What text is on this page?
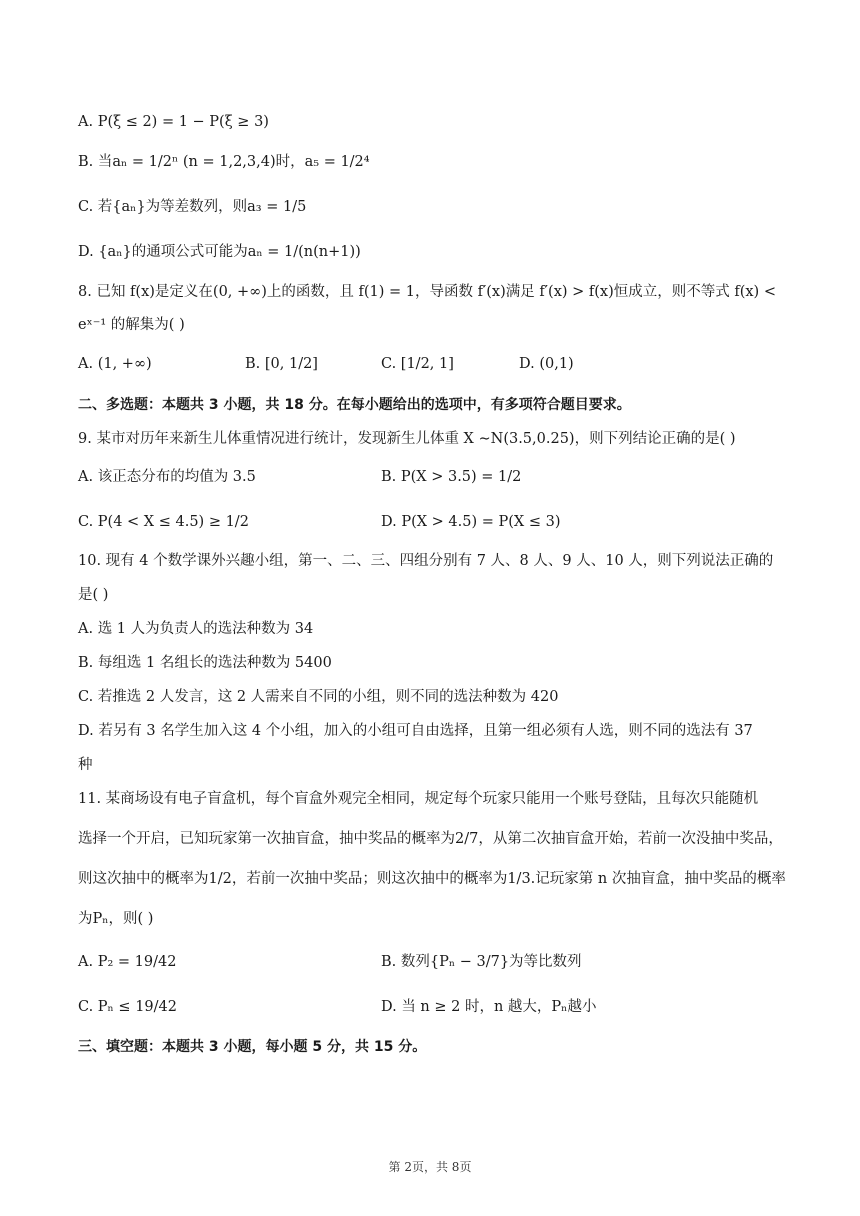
A. P(ξ ≤ 2) = 1 − P(ξ ≥ 3)
B. 当aₙ = 1/2ⁿ (n = 1,2,3,4)时，a₅ = 1/2⁴
C. 若{aₙ}为等差数列，则a₃ = 1/5
D. {aₙ}的通项公式可能为aₙ = 1/(n(n+1))
8. 已知 f(x)是定义在(0, +∞)上的函数，且 f(1) = 1，导函数 f′(x)满足 f′(x) > f(x)恒成立，则不等式 f(x) <
eˣ⁻¹ 的解集为( )
A. (1, +∞)	B. [0, 1/2]	C. [1/2, 1]	D. (0,1)
二、多选题：本题共 3 小题，共 18 分。在每小题给出的选项中，有多项符合题目要求。
9. 某市对历年来新生儿体重情况进行统计，发现新生儿体重 X ∼N(3.5,0.25)，则下列结论正确的是( )
A. 该正态分布的均值为 3.5	B. P(X > 3.5) = 1/2
C. P(4 < X ≤ 4.5) ≥ 1/2	D. P(X > 4.5) = P(X ≤ 3)
10. 现有 4 个数学课外兴趣小组，第一、二、三、四组分别有 7 人、8 人、9 人、10 人，则下列说法正确的
是( )
A. 选 1 人为负责人的选法种数为 34
B. 每组选 1 名组长的选法种数为 5400
C. 若推选 2 人发言，这 2 人需来自不同的小组，则不同的选法种数为 420
D. 若另有 3 名学生加入这 4 个小组，加入的小组可自由选择，且第一组必须有人选，则不同的选法有 37
种
11. 某商场设有电子盲盒机，每个盲盒外观完全相同，规定每个玩家只能用一个账号登陆，且每次只能随机
选择一个开启，已知玩家第一次抽盲盒，抽中奖品的概率为2/7，从第二次抽盲盒开始，若前一次没抽中奖品，
则这次抽中的概率为1/2，若前一次抽中奖品；则这次抽中的概率为1/3.记玩家第 n 次抽盲盒，抽中奖品的概率
为Pₙ，则( )
A. P₂ = 19/42	B. 数列{Pₙ − 3/7}为等比数列
C. Pₙ ≤ 19/42	D. 当 n ≥ 2 时，n 越大，Pₙ越小
三、填空题：本题共 3 小题，每小题 5 分，共 15 分。
第 2页，共 8页
